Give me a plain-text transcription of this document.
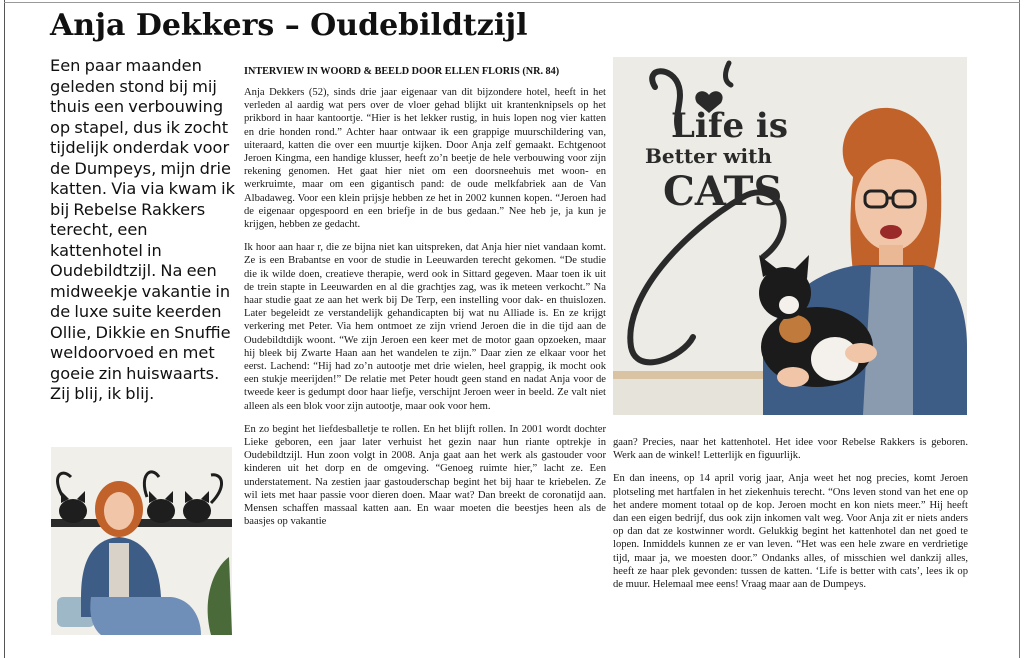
Anja Dekkers – Oudebildtzijl

Een paar maanden geleden stond bij mij thuis een verbouwing op stapel, dus ik zocht tijdelijk onderdak voor de Dumpeys, mijn drie katten. Via via kwam ik bij Rebelse Rakkers terecht, een kattenhotel in Oudebildtzijl. Na een midweekje vakantie in de luxe suite keerden Ollie, Dikkie en Snuffie weldoorvoed en met goeie zin huiswaarts. Zij blij, ik blij.

INTERVIEW IN WOORD & BEELD DOOR ELLEN FLORIS (NR. 84)

Anja Dekkers (52), sinds drie jaar eigenaar van dit bijzondere hotel, heeft in het verleden al aardig wat pers over de vloer gehad blijkt uit krantenknipsels op het prikbord in haar kantoortje. “Hier is het lekker rustig, in huis lopen nog vier katten en drie honden rond.” Achter haar ontwaar ik een grappige muurschildering van, uiteraard, katten die over een muurtje kijken. Door Anja zelf gemaakt. Echtgenoot Jeroen Kingma, een handige klusser, heeft zo’n beetje de hele verbouwing voor zijn rekening genomen. Het gaat hier niet om een doorsneehuis met woon- en werkruimte, maar om een gigantisch pand: de oude melkfabriek aan de Van Albadaweg. Voor een klein prijsje hebben ze het in 2002 kunnen kopen. “Jeroen had de eigenaar opgespoord en een briefje in de bus gedaan.” Nee heb je, ja kun je krijgen, hebben ze gedacht.

Ik hoor aan haar r, die ze bijna niet kan uitspreken, dat Anja hier niet vandaan komt. Ze is een Brabantse en voor de studie in Leeuwarden terecht gekomen. “De studie die ik wilde doen, creatieve therapie, werd ook in Sittard gegeven. Maar toen ik uit de trein stapte in Leeuwarden en al die grachtjes zag, was ik meteen verkocht.” Na haar studie gaat ze aan het werk bij De Terp, een instelling voor dak- en thuislozen. Later begeleidt ze verstandelijk gehandicapten bij wat nu Alliade is. En ze krijgt verkering met Peter. Via hem ontmoet ze zijn vriend Jeroen die in die tijd aan de Oudebildtdijk woont. “We zijn Jeroen een keer met de motor gaan opzoeken, maar hij bleek bij Zwarte Haan aan het wandelen te zijn.” Daar zien ze elkaar voor het eerst. Lachend: “Hij had zo’n autootje met drie wielen, heel grappig, ik mocht ook een stukje meerijden!” De relatie met Peter houdt geen stand en nadat Anja voor de tweede keer is gedumpt door haar liefje, verschijnt Jeroen weer in beeld. Ze valt niet alleen als een blok voor zijn autootje, maar ook voor hem.

En zo begint het liefdesballetje te rollen. En het blijft rollen. In 2001 wordt dochter Lieke geboren, een jaar later verhuist het gezin naar hun riante optrekje in Oudebildtzijl. Hun zoon volgt in 2008. Anja gaat aan het werk als gastouder voor kinderen uit het dorp en de omgeving. “Genoeg ruimte hier,” lacht ze. Een understatement. Na zestien jaar gastouderschap begint het bij haar te kriebelen. Ze wil iets met haar passie voor dieren doen. Maar wat? Dan breekt de coronatijd aan. Mensen schaffen massaal katten aan. En waar moeten die beestjes heen als de baasjes op vakantie

gaan? Precies, naar het kattenhotel. Het idee voor Rebelse Rakkers is geboren. Werk aan de winkel! Letterlijk en figuurlijk.

En dan ineens, op 14 april vorig jaar, Anja weet het nog precies, komt Jeroen plotseling met hartfalen in het ziekenhuis terecht. “Ons leven stond van het ene op het andere moment totaal op de kop. Jeroen mocht en kon niets meer.” Hij heeft dan een eigen bedrijf, dus ook zijn inkomen valt weg. Voor Anja zit er niets anders op dan dat ze kostwinner wordt. Gelukkig begint het kattenhotel dan net goed te lopen. Inmiddels kunnen ze er van leven. “Het was een hele zware en verdrietige tijd, maar ja, we moesten door.” Ondanks alles, of misschien wel dankzij alles, heeft ze haar plek gevonden: tussen de katten. ‘Life is better with cats’, lees ik op de muur. Helemaal mee eens! Vraag maar aan de Dumpeys.

Life is
Better with
CATS
